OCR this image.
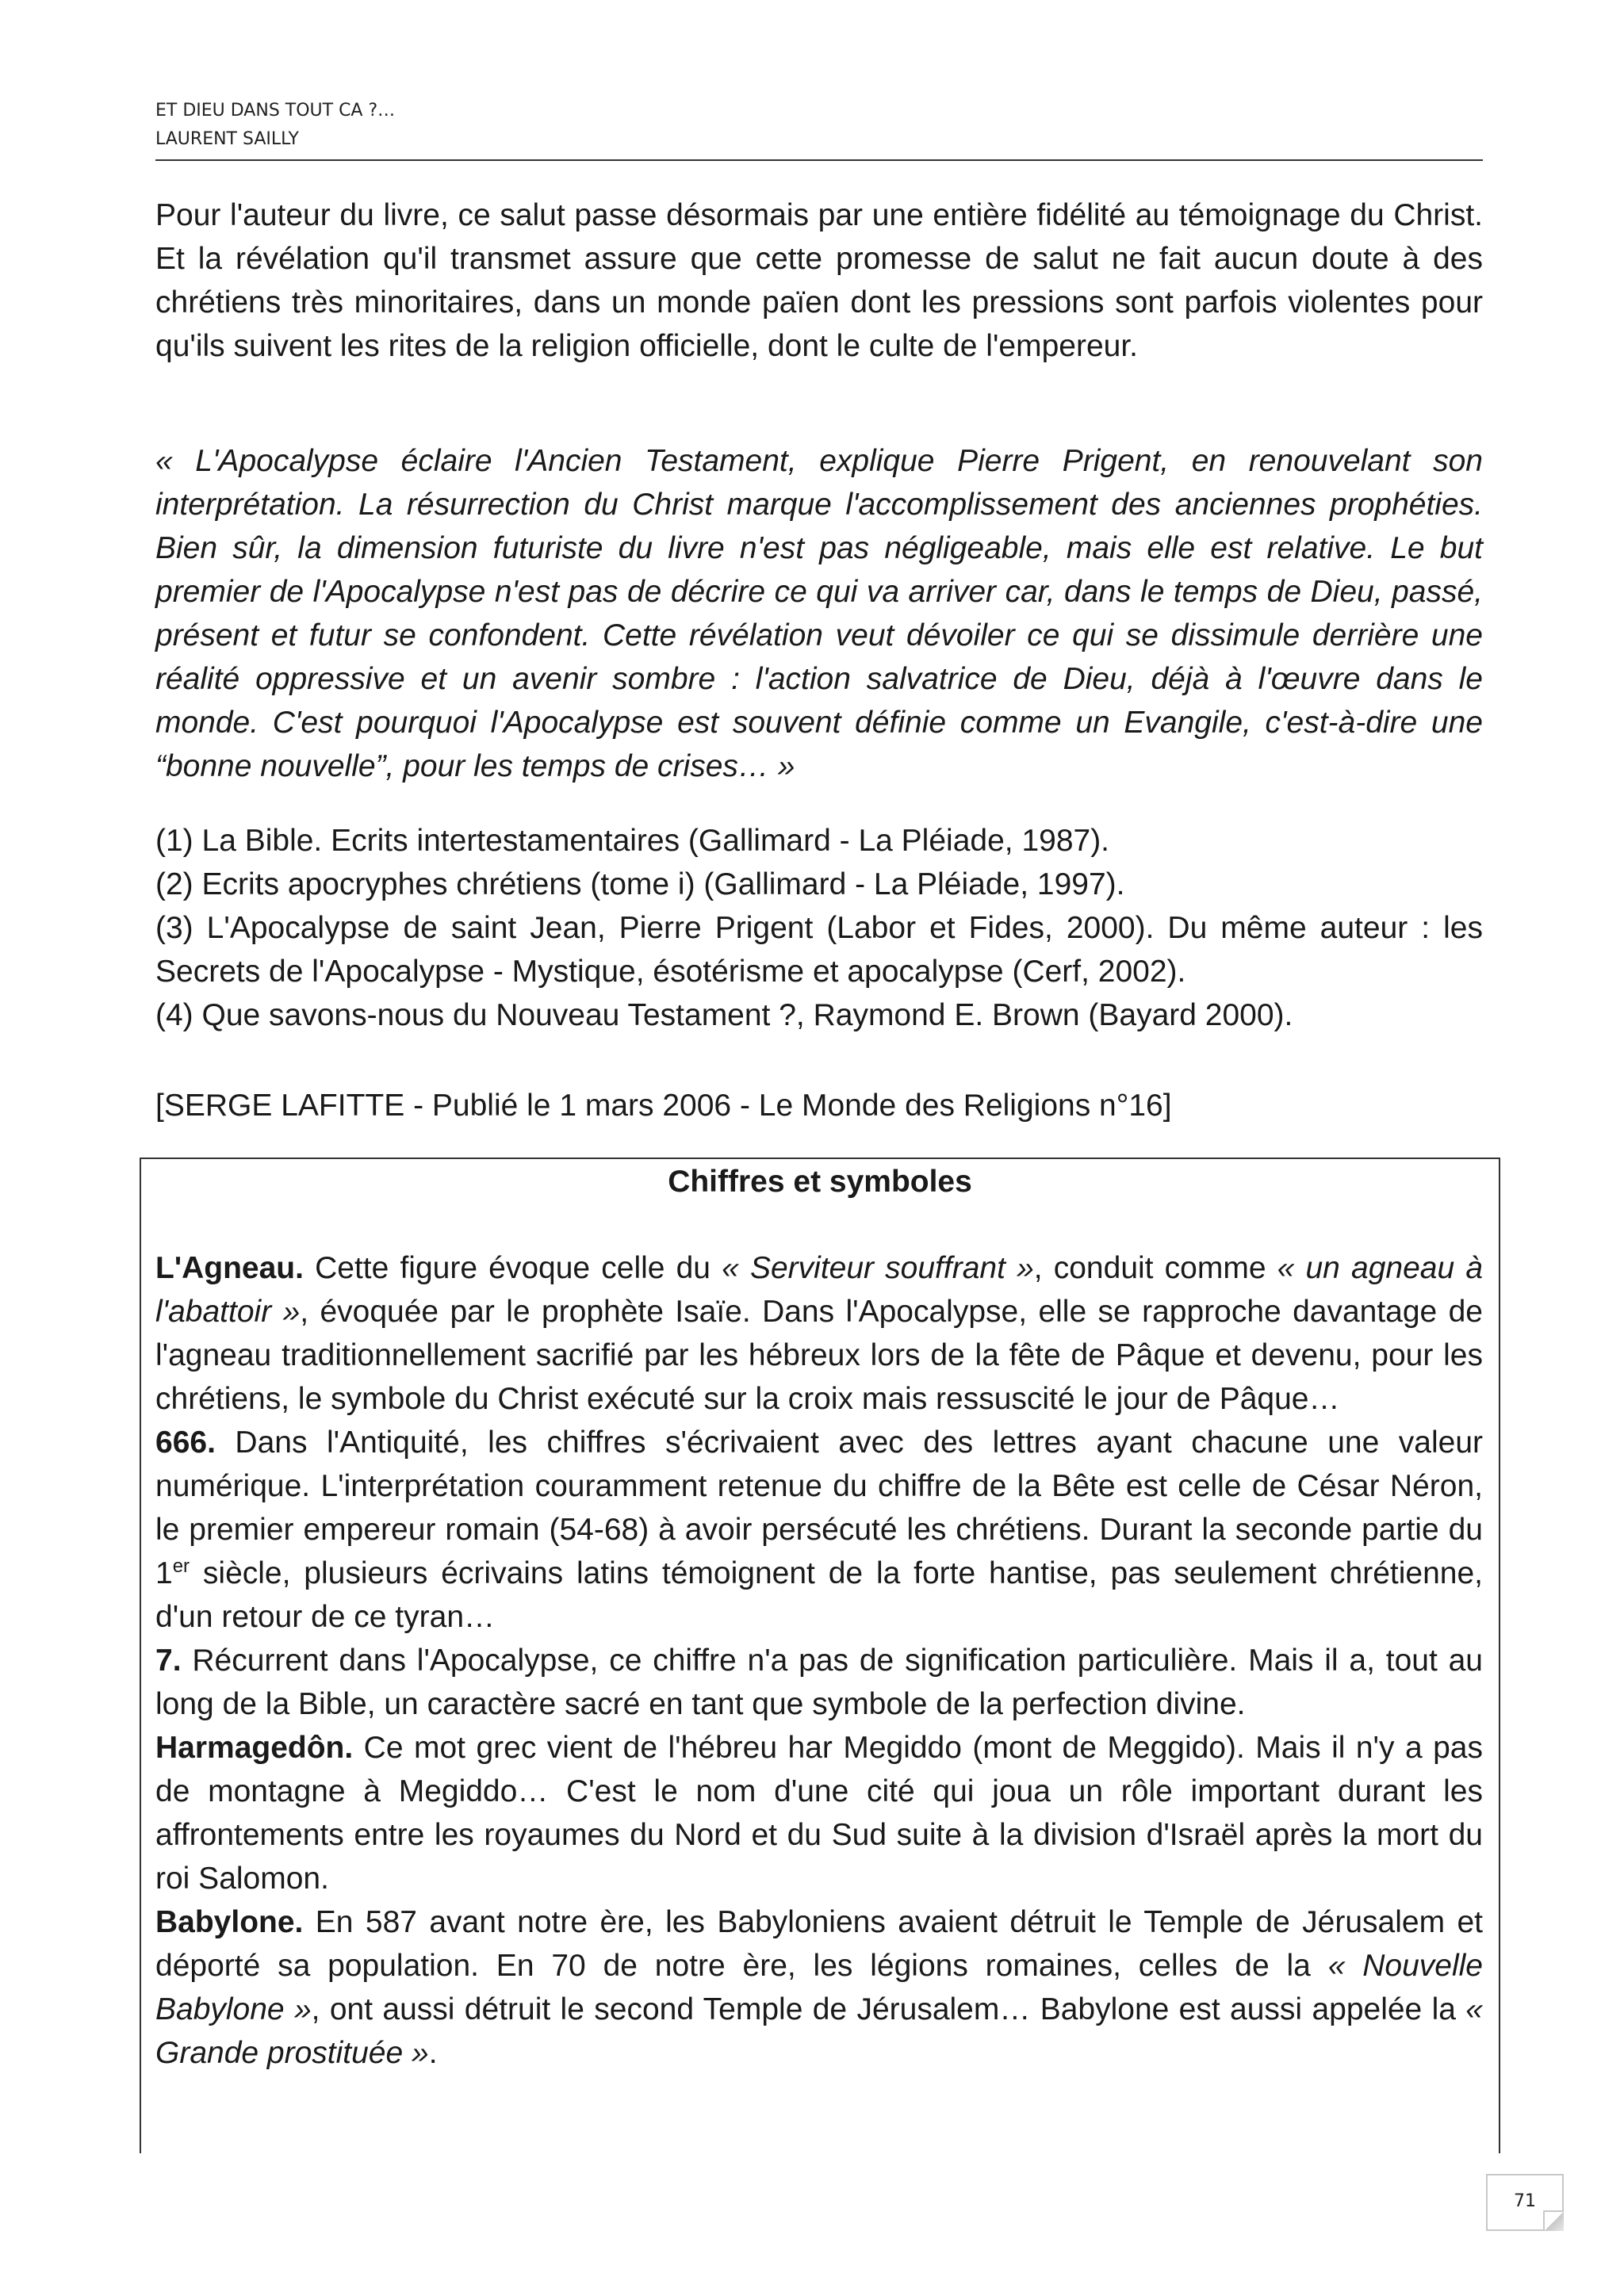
ET DIEU DANS TOUT CA ?…
LAURENT SAILLY

Pour l'auteur du livre, ce salut passe désormais par une entière fidélité au témoignage du Christ. Et la révélation qu'il transmet assure que cette promesse de salut ne fait aucun doute à des chrétiens très minoritaires, dans un monde païen dont les pressions sont parfois violentes pour qu'ils suivent les rites de la religion officielle, dont le culte de l'empereur.

« L'Apocalypse éclaire l'Ancien Testament, explique Pierre Prigent, en renouvelant son interprétation. La résurrection du Christ marque l'accomplissement des anciennes prophéties. Bien sûr, la dimension futuriste du livre n'est pas négligeable, mais elle est relative. Le but premier de l'Apocalypse n'est pas de décrire ce qui va arriver car, dans le temps de Dieu, passé, présent et futur se confondent. Cette révélation veut dévoiler ce qui se dissimule derrière une réalité oppressive et un avenir sombre : l'action salvatrice de Dieu, déjà à l'œuvre dans le monde. C'est pourquoi l'Apocalypse est souvent définie comme un Evangile, c'est-à-dire une “bonne nouvelle”, pour les temps de crises… »

(1) La Bible. Ecrits intertestamentaires (Gallimard - La Pléiade, 1987).
(2) Ecrits apocryphes chrétiens (tome i) (Gallimard - La Pléiade, 1997).
(3) L'Apocalypse de saint Jean, Pierre Prigent (Labor et Fides, 2000). Du même auteur : les Secrets de l'Apocalypse - Mystique, ésotérisme et apocalypse (Cerf, 2002).
(4) Que savons-nous du Nouveau Testament ?, Raymond E. Brown (Bayard 2000).

[SERGE LAFITTE - Publié le 1 mars 2006 - Le Monde des Religions n°16]

Chiffres et symboles

L'Agneau. Cette figure évoque celle du « Serviteur souffrant », conduit comme « un agneau à l'abattoir », évoquée par le prophète Isaïe. Dans l'Apocalypse, elle se rapproche davantage de l'agneau traditionnellement sacrifié par les hébreux lors de la fête de Pâque et devenu, pour les chrétiens, le symbole du Christ exécuté sur la croix mais ressuscité le jour de Pâque…

666. Dans l'Antiquité, les chiffres s'écrivaient avec des lettres ayant chacune une valeur numérique. L'interprétation couramment retenue du chiffre de la Bête est celle de César Néron, le premier empereur romain (54-68) à avoir persécuté les chrétiens. Durant la seconde partie du 1er siècle, plusieurs écrivains latins témoignent de la forte hantise, pas seulement chrétienne, d'un retour de ce tyran…

7. Récurrent dans l'Apocalypse, ce chiffre n'a pas de signification particulière. Mais il a, tout au long de la Bible, un caractère sacré en tant que symbole de la perfection divine.

Harmagedôn. Ce mot grec vient de l'hébreu har Megiddo (mont de Meggido). Mais il n'y a pas de montagne à Megiddo… C'est le nom d'une cité qui joua un rôle important durant les affrontements entre les royaumes du Nord et du Sud suite à la division d'Israël après la mort du roi Salomon.

Babylone. En 587 avant notre ère, les Babyloniens avaient détruit le Temple de Jérusalem et déporté sa population. En 70 de notre ère, les légions romaines, celles de la « Nouvelle Babylone », ont aussi détruit le second Temple de Jérusalem… Babylone est aussi appelée la « Grande prostituée ».

71
